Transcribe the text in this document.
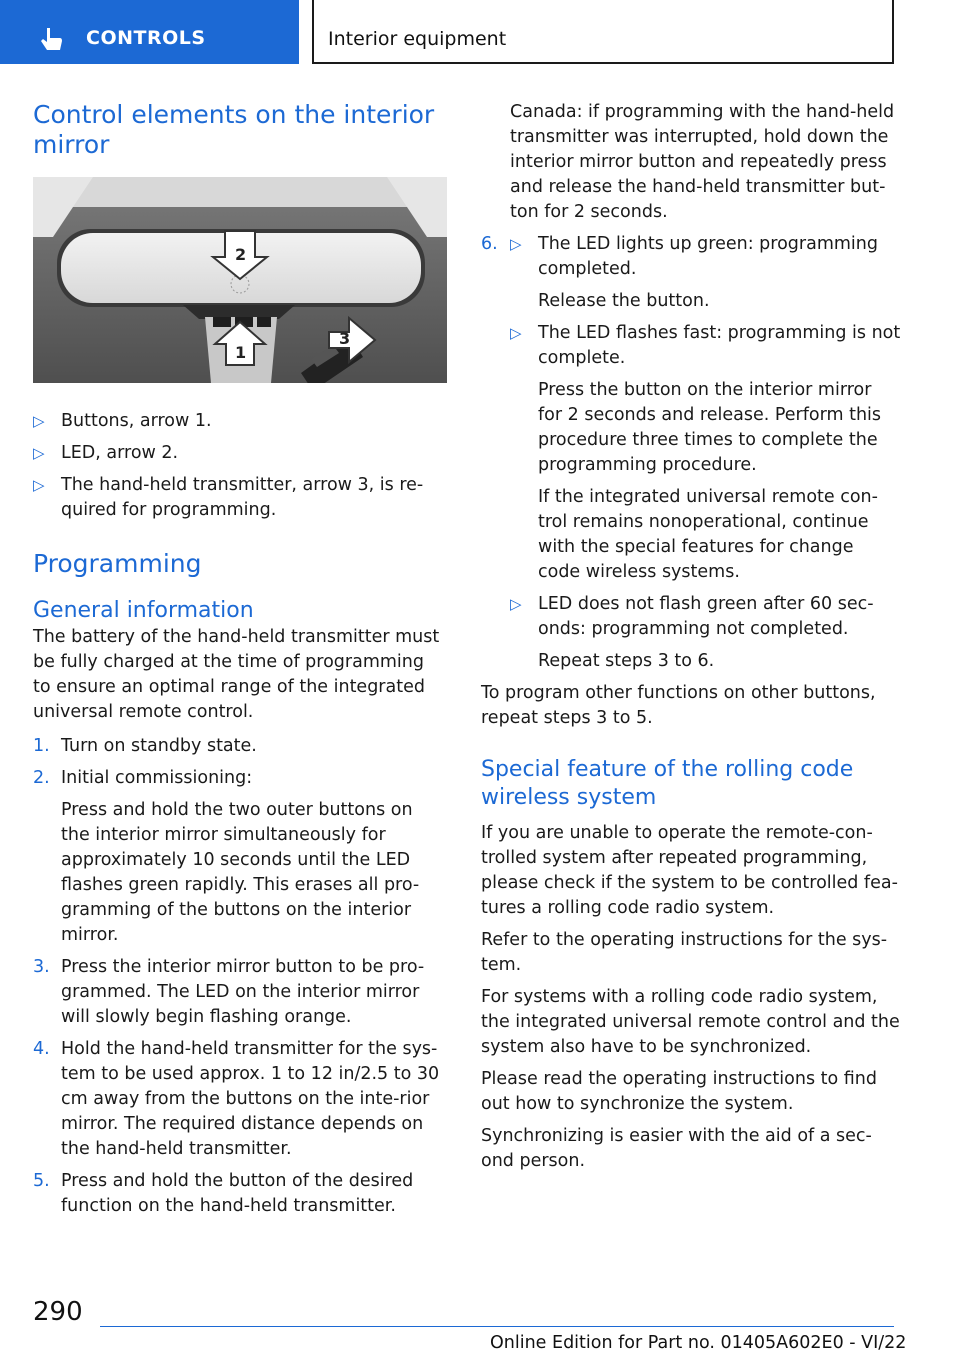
CONTROLS	Interior equipment
Control elements on the interior mirror
2
1
3
▷ Buttons, arrow 1.
▷ LED, arrow 2.
▷ The hand-held transmitter, arrow 3, is re-quired for programming.
Programming
General information

The battery of the hand-held transmitter must be fully charged at the time of programming to ensure an optimal range of the integrated universal remote control.

1. Turn on standby state.
2. Initial commissioning:
Press and hold the two outer buttons on the interior mirror simultaneously for approximately 10 seconds until the LED flashes green rapidly. This erases all pro-gramming of the buttons on the interior mirror.
3. Press the interior mirror button to be pro-grammed. The LED on the interior mirror will slowly begin flashing orange.
4. Hold the hand-held transmitter for the sys-tem to be used approx. 1 to 12 in/2.5 to 30 cm away from the buttons on the inte-rior mirror. The required distance depends on the hand-held transmitter.
5. Press and hold the button of the desired function on the hand-held transmitter.

Canada: if programming with the hand-held transmitter was interrupted, hold down the interior mirror button and repeatedly press and release the hand-held transmitter but-ton for 2 seconds.

6. ▷ The LED lights up green: programming completed.
Release the button.
▷ The LED flashes fast: programming is not complete.
Press the button on the interior mirror for 2 seconds and release. Perform this procedure three times to complete the programming procedure.
If the integrated universal remote con-trol remains nonoperational, continue with the special features for change code wireless systems.
▷ LED does not flash green after 60 sec-onds: programming not completed.
Repeat steps 3 to 6.

To program other functions on other buttons, repeat steps 3 to 5.

Special feature of the rolling code wireless system

If you are unable to operate the remote-con-trolled system after repeated programming, please check if the system to be controlled fea-tures a rolling code radio system.

Refer to the operating instructions for the sys-tem.

For systems with a rolling code radio system, the integrated universal remote control and the system also have to be synchronized.

Please read the operating instructions to find out how to synchronize the system.

Synchronizing is easier with the aid of a sec-ond person.

290
Online Edition for Part no. 01405A602E0 - VI/22
